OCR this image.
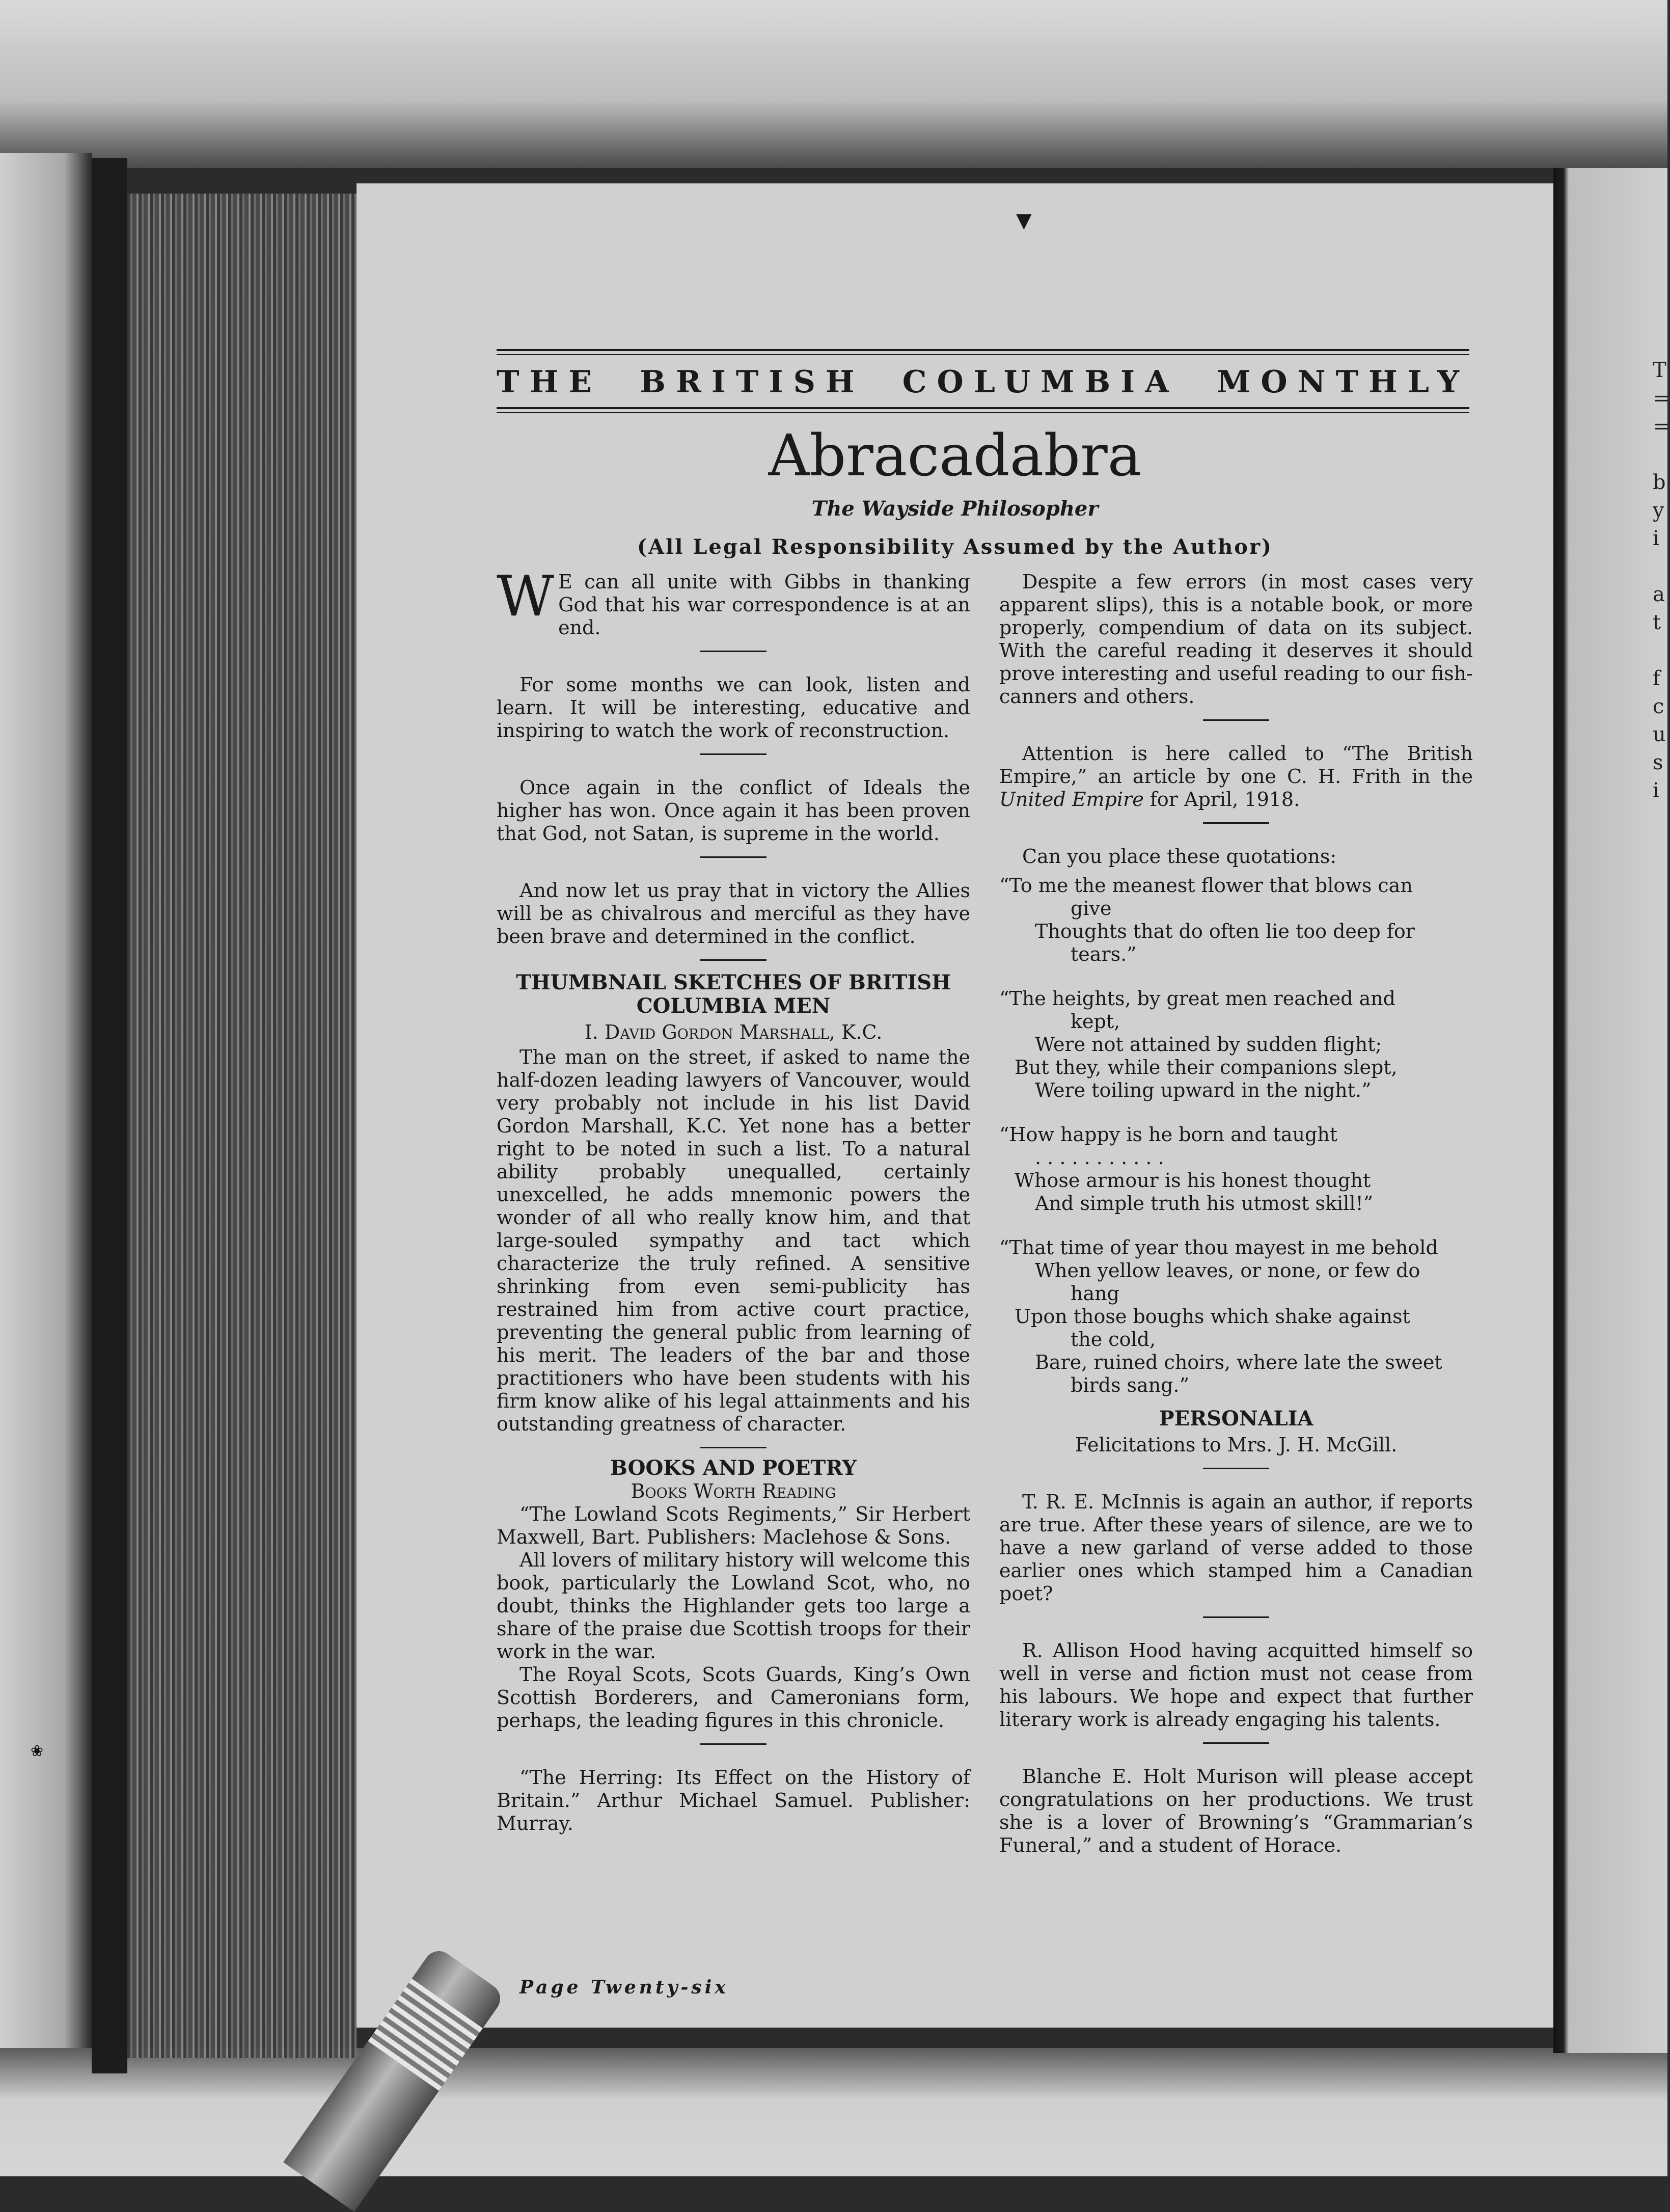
❀
▼
THE BRITISH COLUMBIA MONTHLY
Abracadabra
The Wayside Philosopher
(All Legal Responsibility Assumed by the Author)

W E can all unite with Gibbs in thanking God that his war correspondence is at an end.

For some months we can look, listen and learn. It will be interesting, educative and inspiring to watch the work of reconstruction.

Once again in the conflict of Ideals the higher has won. Once again it has been proven that God, not Satan, is supreme in the world.

And now let us pray that in victory the Allies will be as chivalrous and merciful as they have been brave and determined in the conflict.

THUMBNAIL SKETCHES OF BRITISH COLUMBIA MEN
I. David Gordon Marshall, K.C.

The man on the street, if asked to name the half-dozen leading lawyers of Vancouver, would very probably not include in his list David Gordon Marshall, K.C. Yet none has a better right to be noted in such a list. To a natural ability probably unequalled, certainly unexcelled, he adds mnemonic powers the wonder of all who really know him, and that large-souled sympathy and tact which characterize the truly refined. A sensitive shrinking from even semi-publicity has restrained him from active court practice, preventing the general public from learning of his merit. The leaders of the bar and those practitioners who have been students with his firm know alike of his legal attainments and his outstanding greatness of character.

BOOKS AND POETRY
Books Worth Reading

“The Lowland Scots Regiments,” Sir Herbert Maxwell, Bart. Publishers: Maclehose & Sons.

All lovers of military history will welcome this book, particularly the Lowland Scot, who, no doubt, thinks the Highlander gets too large a share of the praise due Scottish troops for their work in the war.

The Royal Scots, Scots Guards, King’s Own Scottish Borderers, and Cameronians form, perhaps, the leading figures in this chronicle.

“The Herring: Its Effect on the History of Britain.” Arthur Michael Samuel. Publisher: Murray.

Despite a few errors (in most cases very apparent slips), this is a notable book, or more properly, compendium of data on its subject. With the careful reading it deserves it should prove interesting and useful reading to our fish-canners and others.

Attention is here called to “The British Empire,” an article by one C. H. Frith in the United Empire for April, 1918.

Can you place these quotations:

“To me the meanest flower that blows can
give
Thoughts that do often lie too deep for
tears.”
“The heights, by great men reached and
kept,
Were not attained by sudden flight;
But they, while their companions slept,
Were toiling upward in the night.”
“How happy is he born and taught
. . . . . . . . . . .
Whose armour is his honest thought
And simple truth his utmost skill!”
“That time of year thou mayest in me behold
When yellow leaves, or none, or few do
hang
Upon those boughs which shake against
the cold,
Bare, ruined choirs, where late the sweet
birds sang.”
PERSONALIA
Felicitations to Mrs. J. H. McGill.

T. R. E. McInnis is again an author, if reports are true. After these years of silence, are we to have a new garland of verse added to those earlier ones which stamped him a Canadian poet?

R. Allison Hood having acquitted himself so well in verse and fiction must not cease from his labours. We hope and expect that further literary work is already engaging his talents.

Blanche E. Holt Murison will please accept congratulations on her productions. We trust she is a lover of Browning’s “Grammarian’s Funeral,” and a student of Horace.

Page Twenty-six
T
=
=

b
y
i

a
t

f
c
u
s
i
